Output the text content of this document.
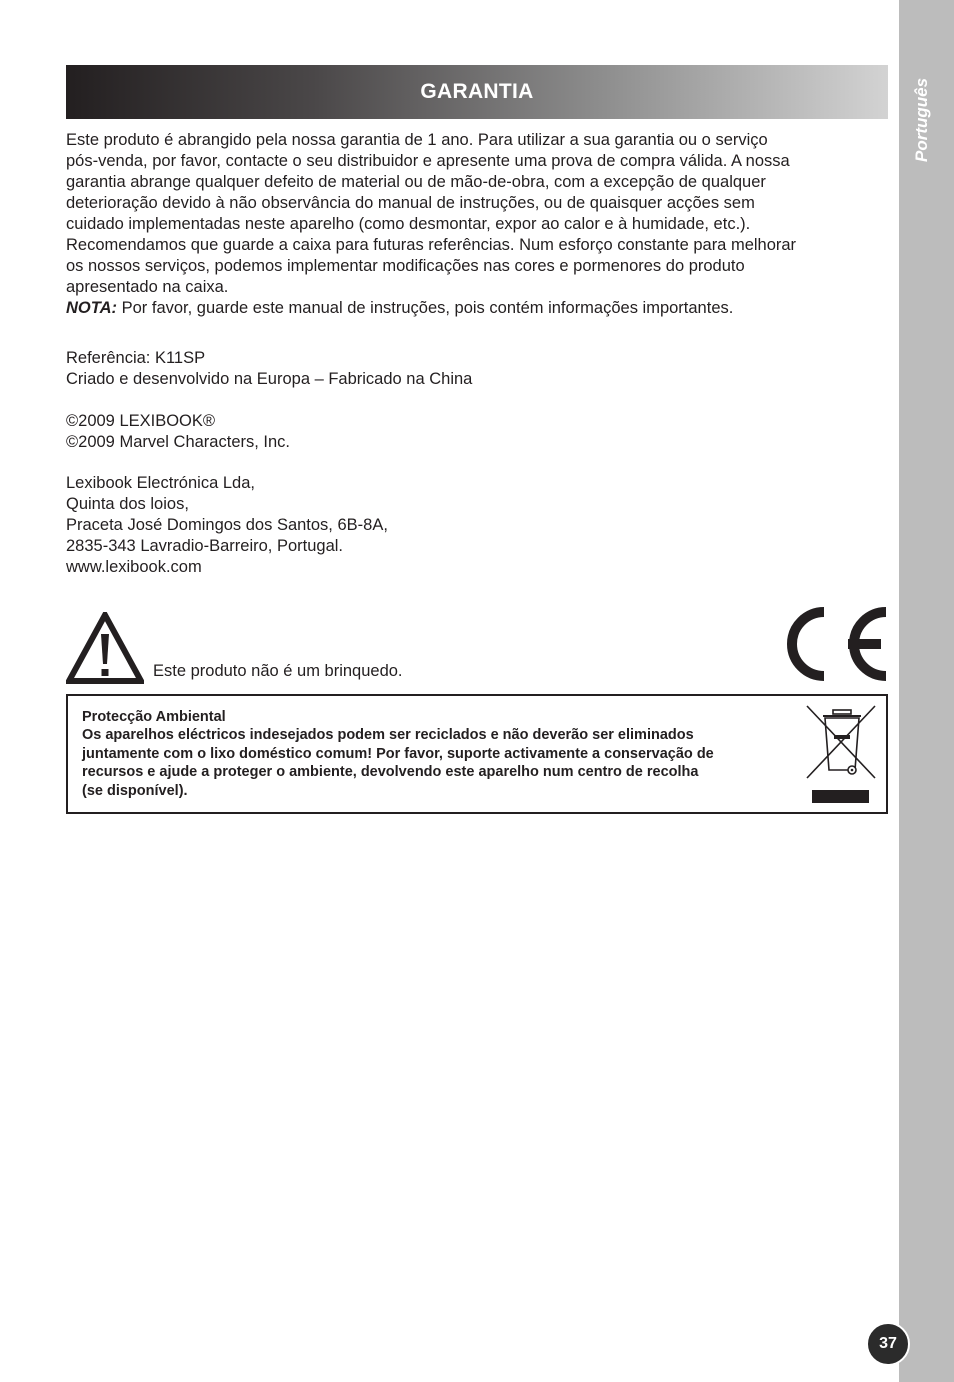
Português
GARANTIA

Este produto é abrangido pela nossa garantia de 1 ano. Para utilizar a sua garantia ou o serviço

pós-venda, por favor, contacte o seu distribuidor e apresente uma prova de compra válida. A nossa

garantia abrange qualquer defeito de material ou de mão-de-obra, com a excepção de qualquer

deterioração devido à não observância do manual de instruções, ou de quaisquer acções sem

cuidado implementadas neste aparelho (como desmontar, expor ao calor e à humidade, etc.).

Recomendamos que guarde a caixa para futuras referências. Num esforço constante para melhorar

os nossos serviços, podemos implementar modificações nas cores e pormenores do produto

apresentado na caixa.

NOTA: Por favor, guarde este manual de instruções, pois contém informações importantes.

Referência: K11SP

Criado e desenvolvido na Europa – Fabricado na China

©2009 LEXIBOOK®

©2009 Marvel Characters, Inc.

Lexibook Electrónica Lda,

Quinta dos loios,

Praceta José Domingos dos Santos, 6B-8A,

2835-343 Lavradio-Barreiro, Portugal.

www.lexibook.com

Este produto não é um brinquedo.

Protecção Ambiental

Os aparelhos eléctricos indesejados podem ser reciclados e não deverão ser eliminados

juntamente com o lixo doméstico comum! Por favor, suporte activamente a conservação de

recursos e ajude a proteger o ambiente, devolvendo este aparelho num centro de recolha

(se disponível).

37
